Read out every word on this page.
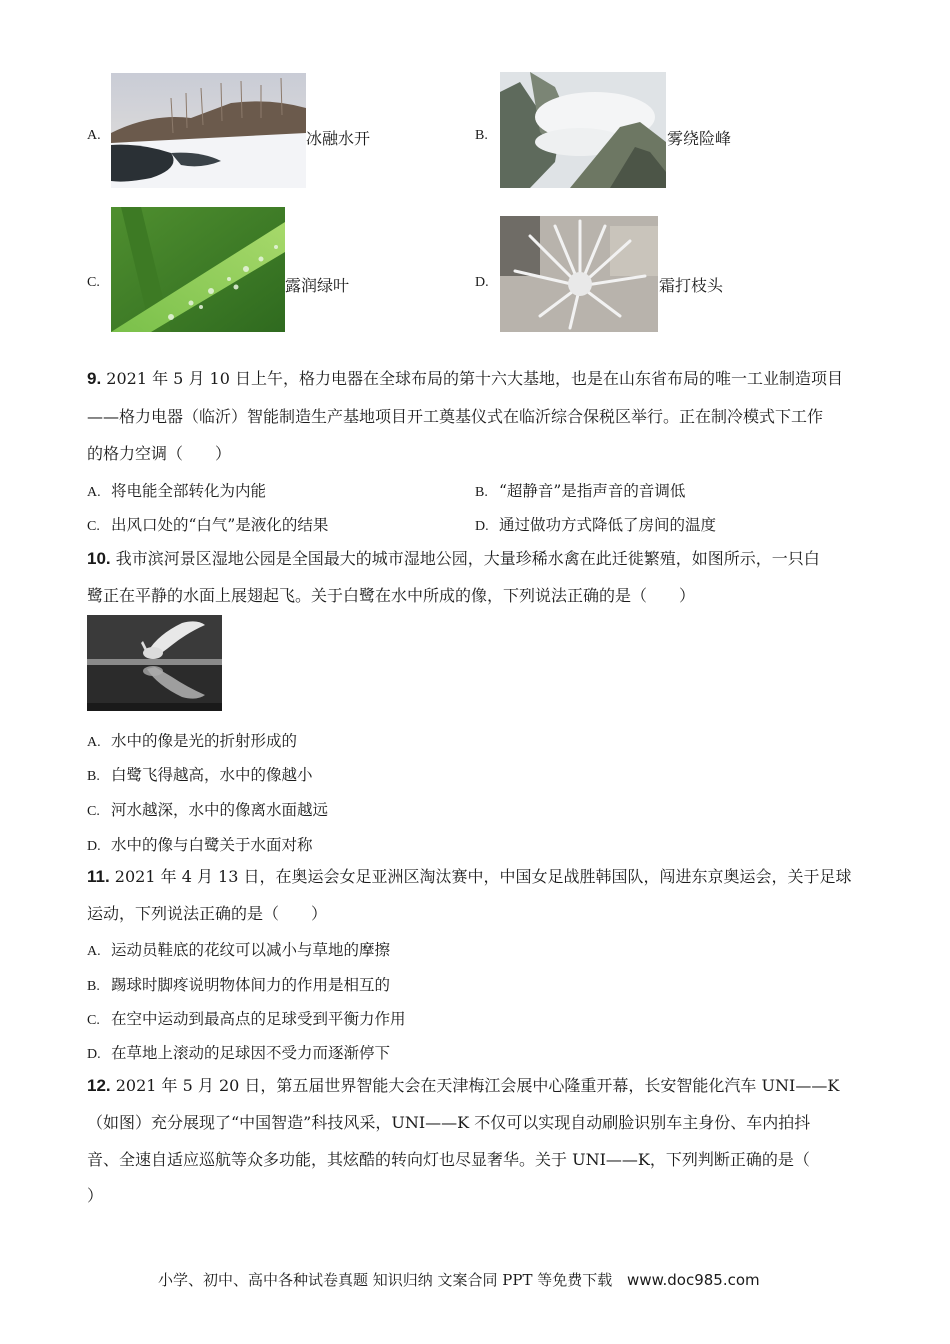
A.	冰融水开	B.	雾绕险峰
C.	露润绿叶	D.	霜打枝头
9. 2021 年 5 月 10 日上午，格力电器在全球布局的第十六大基地，也是在山东省布局的唯一工业制造项目
——格力电器（临沂）智能制造生产基地项目开工奠基仪式在临沂综合保税区举行。正在制冷模式下工作
的格力空调（　　）
A. 将电能全部转化为内能	B. “超静音”是指声音的音调低
C. 出风口处的“白气”是液化的结果	D. 通过做功方式降低了房间的温度
10. 我市滨河景区湿地公园是全国最大的城市湿地公园，大量珍稀水禽在此迁徙繁殖，如图所示，一只白
鹭正在平静的水面上展翅起飞。关于白鹭在水中所成的像，下列说法正确的是（　　）
A. 水中的像是光的折射形成的
B. 白鹭飞得越高，水中的像越小
C. 河水越深，水中的像离水面越远
D. 水中的像与白鹭关于水面对称
11. 2021 年 4 月 13 日，在奥运会女足亚洲区淘汰赛中，中国女足战胜韩国队，闯进东京奥运会，关于足球
运动，下列说法正确的是（　　）
A. 运动员鞋底的花纹可以减小与草地的摩擦
B. 踢球时脚疼说明物体间力的作用是相互的
C. 在空中运动到最高点的足球受到平衡力作用
D. 在草地上滚动的足球因不受力而逐渐停下
12. 2021 年 5 月 20 日，第五届世界智能大会在天津梅江会展中心隆重开幕，长安智能化汽车 UNI——K
（如图）充分展现了“中国智造”科技风采，UNI——K 不仅可以实现自动刷脸识别车主身份、车内拍抖
音、全速自适应巡航等众多功能，其炫酷的转向灯也尽显奢华。关于 UNI——K，下列判断正确的是（
）
小学、初中、高中各种试卷真题 知识归纳 文案合同 PPT 等免费下载 www.doc985.com
